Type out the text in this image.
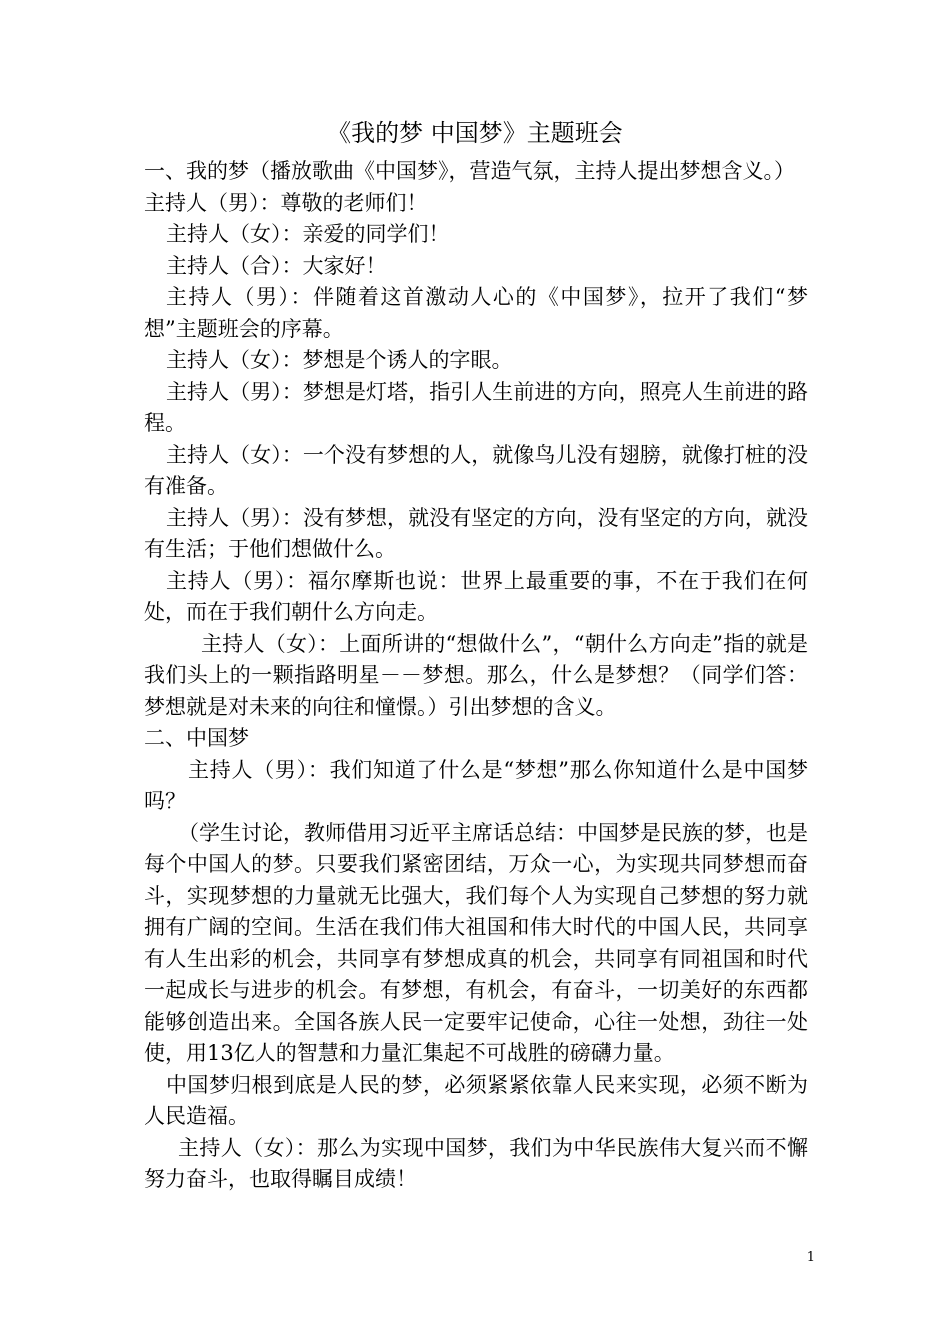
《我的梦 中国梦》主题班会

一、我的梦（播放歌曲《中国梦》，营造气氛，主持人提出梦想含义。）

主持人（男）：尊敬的老师们！

主持人（女）：亲爱的同学们！

主持人（合）：大家好！

主持人（男）：伴随着这首激动人心的《中国梦》，拉开了我们“梦想”主题班会的序幕。

主持人（女）：梦想是个诱人的字眼。

主持人（男）：梦想是灯塔，指引人生前进的方向，照亮人生前进的路程。

主持人（女）：一个没有梦想的人，就像鸟儿没有翅膀，就像打桩的没有准备。

主持人（男）：没有梦想，就没有坚定的方向，没有坚定的方向，就没有生活；于他们想做什么。

主持人（男）：福尔摩斯也说：世界上最重要的事，不在于我们在何处，而在于我们朝什么方向走。

主持人（女）：上面所讲的“想做什么”，“朝什么方向走”指的就是我们头上的一颗指路明星－－梦想。那么，什么是梦想？（同学们答：梦想就是对未来的向往和憧憬。）引出梦想的含义。

二、中国梦

主持人（男）：我们知道了什么是“梦想”那么你知道什么是中国梦吗？

（学生讨论，教师借用习近平主席话总结：中国梦是民族的梦，也是每个中国人的梦。只要我们紧密团结，万众一心，为实现共同梦想而奋斗，实现梦想的力量就无比强大，我们每个人为实现自己梦想的努力就拥有广阔的空间。生活在我们伟大祖国和伟大时代的中国人民，共同享有人生出彩的机会，共同享有梦想成真的机会，共同享有同祖国和时代一起成长与进步的机会。有梦想，有机会，有奋斗，一切美好的东西都能够创造出来。全国各族人民一定要牢记使命，心往一处想，劲往一处使，用13亿人的智慧和力量汇集起不可战胜的磅礴力量。

中国梦归根到底是人民的梦，必须紧紧依靠人民来实现，必须不断为人民造福。

主持人（女）：那么为实现中国梦，我们为中华民族伟大复兴而不懈努力奋斗，也取得瞩目成绩！

1
